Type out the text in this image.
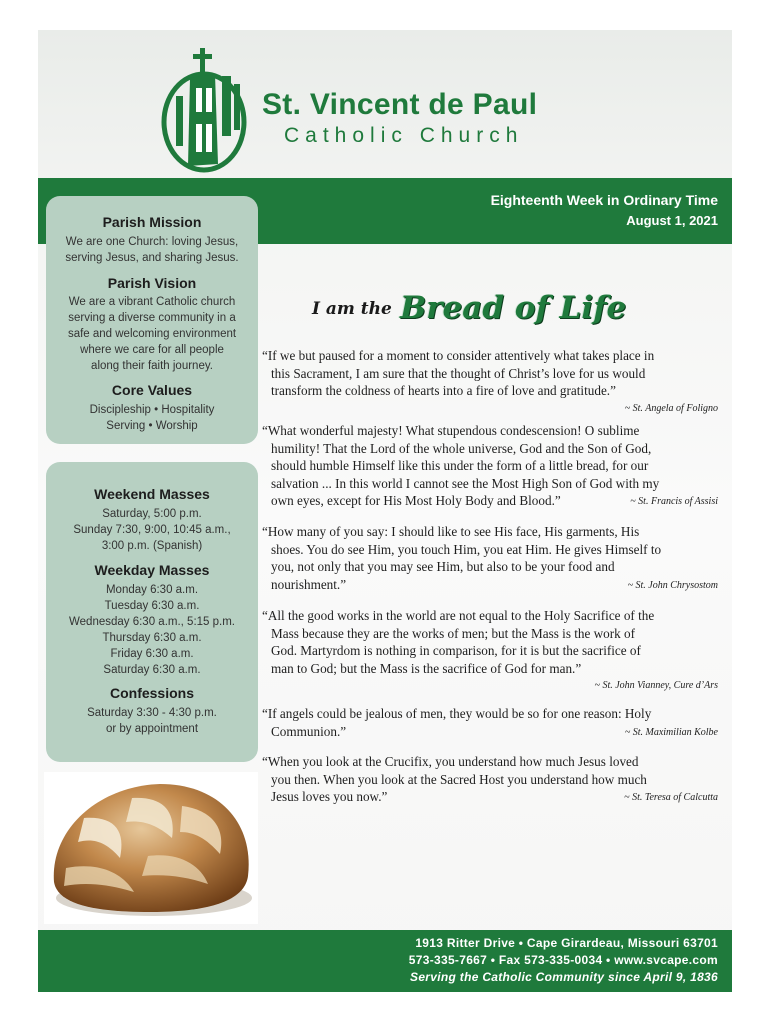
St. Vincent de Paul
Catholic Church
Eighteenth Week in Ordinary Time
August 1, 2021
Parish Mission
We are one Church: loving Jesus,
serving Jesus, and sharing Jesus.
Parish Vision
We are a vibrant Catholic church
serving a diverse community in a
safe and welcoming environment
where we care for all people
along their faith journey.
Core Values
Discipleship • Hospitality
Serving • Worship
Weekend Masses
Saturday, 5:00 p.m.
Sunday 7:30, 9:00, 10:45 a.m.,
3:00 p.m. (Spanish)
Weekday Masses
Monday 6:30 a.m.
Tuesday 6:30 a.m.
Wednesday 6:30 a.m., 5:15 p.m.
Thursday 6:30 a.m.
Friday 6:30 a.m.
Saturday 6:30 a.m.
Confessions
Saturday 3:30 - 4:30 p.m.
or by appointment
I am the Bread of Life
“If we but paused for a moment to consider attentively what takes place in
this Sacrament, I am sure that the thought of Christ’s love for us would
transform the coldness of hearts into a fire of love and gratitude.”
~ St. Angela of Foligno
“What wonderful majesty! What stupendous condescension! O sublime
humility! That the Lord of the whole universe, God and the Son of God,
should humble Himself like this under the form of a little bread, for our
salvation ... In this world I cannot see the Most High Son of God with my
own eyes, except for His Most Holy Body and Blood.”	~ St. Francis of Assisi
“How many of you say: I should like to see His face, His garments, His
shoes. You do see Him, you touch Him, you eat Him. He gives Himself to
you, not only that you may see Him, but also to be your food and
nourishment.”	~ St. John Chrysostom
“All the good works in the world are not equal to the Holy Sacrifice of the
Mass because they are the works of men; but the Mass is the work of
God. Martyrdom is nothing in comparison, for it is but the sacrifice of
man to God; but the Mass is the sacrifice of God for man.”
~ St. John Vianney, Cure d’Ars
“If angels could be jealous of men, they would be so for one reason: Holy
Communion.”	~ St. Maximilian Kolbe
“When you look at the Crucifix, you understand how much Jesus loved
you then. When you look at the Sacred Host you understand how much
Jesus loves you now.”	~ St. Teresa of Calcutta
1913 Ritter Drive • Cape Girardeau, Missouri 63701
573-335-7667 • Fax 573-335-0034 • www.svcape.com
Serving the Catholic Community since April 9, 1836
